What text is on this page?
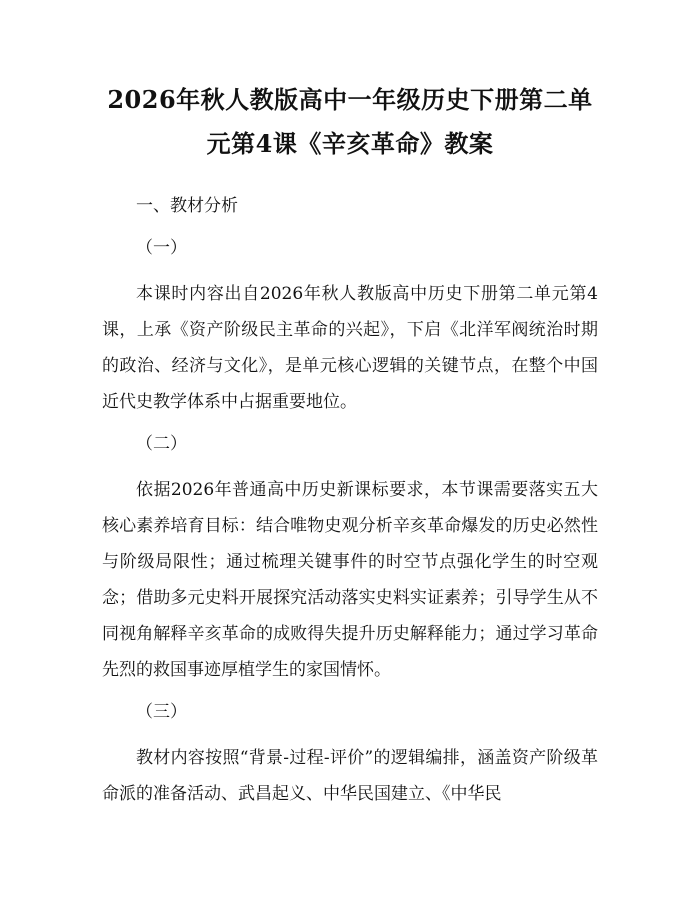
2026年秋人教版高中一年级历史下册第二单
元第4课《辛亥革命》教案

一、教材分析

（一）

本课时内容出自2026年秋人教版高中历史下册第二单元第4课，上承《资产阶级民主革命的兴起》，下启《北洋军阀统治时期的政治、经济与文化》，是单元核心逻辑的关键节点，在整个中国近代史教学体系中占据重要地位。

（二）

依据2026年普通高中历史新课标要求，本节课需要落实五大核心素养培育目标：结合唯物史观分析辛亥革命爆发的历史必然性与阶级局限性；通过梳理关键事件的时空节点强化学生的时空观念；借助多元史料开展探究活动落实史料实证素养；引导学生从不同视角解释辛亥革命的成败得失提升历史解释能力；通过学习革命先烈的救国事迹厚植学生的家国情怀。

（三）

教材内容按照“背景-过程-评价”的逻辑编排，涵盖资产阶级革命派的准备活动、武昌起义、中华民国建立、《中华民
